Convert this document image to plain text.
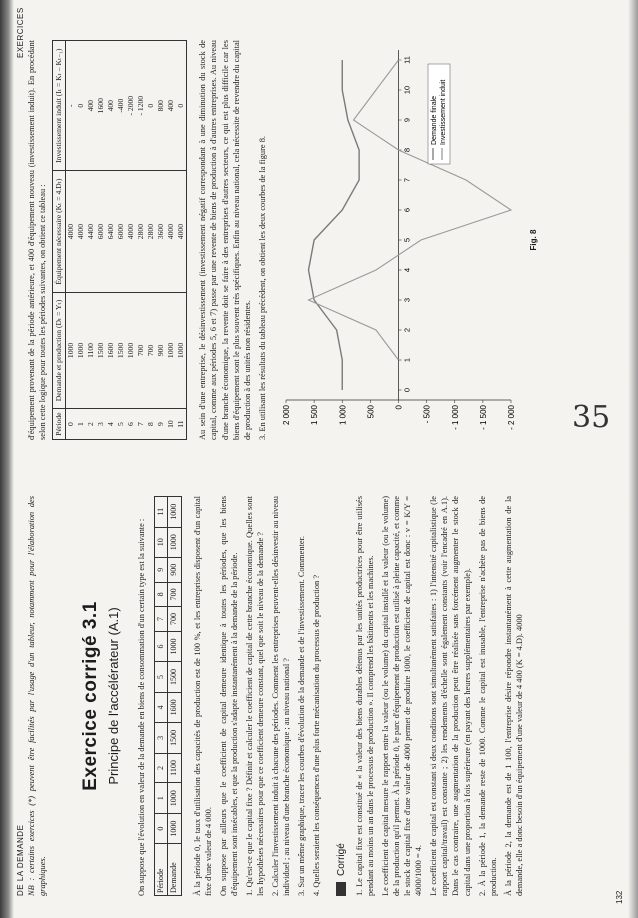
DE LA DEMANDE
EXERCICES

NB : certains exercices (*) peuvent être facilités par l'usage d'un tableur, notamment pour l'élaboration des graphiques.

Exercice corrigé 3.1 Principe de l'accélérateur (A.1) On suppose que l'évolution en valeur de la demande en biens de consommation d'un certain type est la suivante : Période	0	1	2	3	4	5	6	7	8	9	10	11
Demande	1000	1000	1100	1500	1600	1500	1000	700	700	900	1000	1000 À la période 0, le taux d'utilisation des capacités de production est de 100 %, et les entreprises disposent d'un capital fixe d'une valeur de 4 000. On suppose par ailleurs que le coefficient de capital demeure identique à toutes les périodes, que les biens d'équipement sont insécables, et que la production s'adapte instantanément à la demande de la période. 1. Qu'est-ce que le capital fixe ? Définir et calculer le coefficient de capital de cette branche économique. Quelles sont les hypothèses nécessaires pour que ce coefficient demeure constant, quel que soit le niveau de la demande ? 2. Calculer l'investissement induit à chacune des périodes. Comment les entreprises peuvent-elles désinvestir au niveau individuel ; au niveau d'une branche économique ; au niveau national ? 3. Sur un même graphique, tracer les courbes d'évolution de la demande et de l'investissement. Commenter. 4. Quelles seraient les conséquences d'une plus forte mécanisation du processus de production ? Corrigé 1. Le capital fixe est constitué de « la valeur des biens durables détenus par les unités productrices pour être utilisés pendant au moins un an dans le processus de production ». Il comprend les bâtiments et les machines. Le coefficient de capital mesure le rapport entre la valeur (ou le volume) du capital installé et la valeur (ou le volume) de la production qu'il permet. À la période 0, le parc d'équipement de production est utilisé à pleine capacité, et comme le stock de capital fixe d'une valeur de 4000 permet de produire 1000, le coefficient de capital est donc : v = K/Y = 4000/1000 = 4. Le coefficient de capital est constant si deux conditions sont simultanément satisfaites : 1) l'intensité capitalistique (le rapport capital/travail) est constante ; 2) les rendements d'échelle sont également constants (voir l'encadré en A.1). Dans le cas contraire, une augmentation de la production peut être réalisée sans forcément augmenter le stock de capital dans une proportion à fois supérieure (en payant des heures supplémentaires par exemple). 2. À la période 1, la demande reste de 1000. Comme le capital est inusable, l'entreprise n'achète pas de biens de production. À la période 2, la demande est de 1 100, l'entreprise désire répondre instantanément à cette augmentation de la demande, elle a donc besoin d'un équipement d'une valeur de 4 400 (K = 4.D). 4000

d'équipement provenant de la période antérieure, et 400 d'équipement nouveau (investissement induit). En procédant selon cette logique pour toutes les périodes suivantes, on obtient ce tableau : Période	Demande et production (Dₜ = Yₜ)	Équipement nécessaire (Kₜ = 4.Dₜ)	Investissement induit (Iₜ = Kₜ – Kₜ₋₁)
0	1000	4000	-
1	1000	4000	0
2	1100	4400	400
3	1500	6000	1600
4	1600	6400	400
5	1500	6000	-400
6	1000	4000	- 2000
7	700	2800	- 1200
8	700	2800	0
9	900	3600	800
10	1000	4000	400
11	1000	4000	0 Au sein d'une entreprise, le désinvestissement (investissement négatif correspondant à une diminution du stock de capital, comme aux périodes 5, 6 et 7) passe par une revente de biens de production à d'autres entreprises. Au niveau d'une branche économique, la revente doit se faire à des entreprises d'autres secteurs, ce qui est plus difficile car les biens d'équipement sont le plus souvent très spécifiques. Enfin au niveau national, cela nécessite de revendre du capital de production à des unités non résidentes. 3. En utilisant les résultats du tableau précédent, on obtient les deux courbes de la figure 8. 2 000 1 500 1 000 500 0 - 500 - 1 000 - 1 500 - 2 000
0
1
2
3
4
5
6
7
8
9
10
11
Demande finale Investissement induit
Fig. 8
132
35
